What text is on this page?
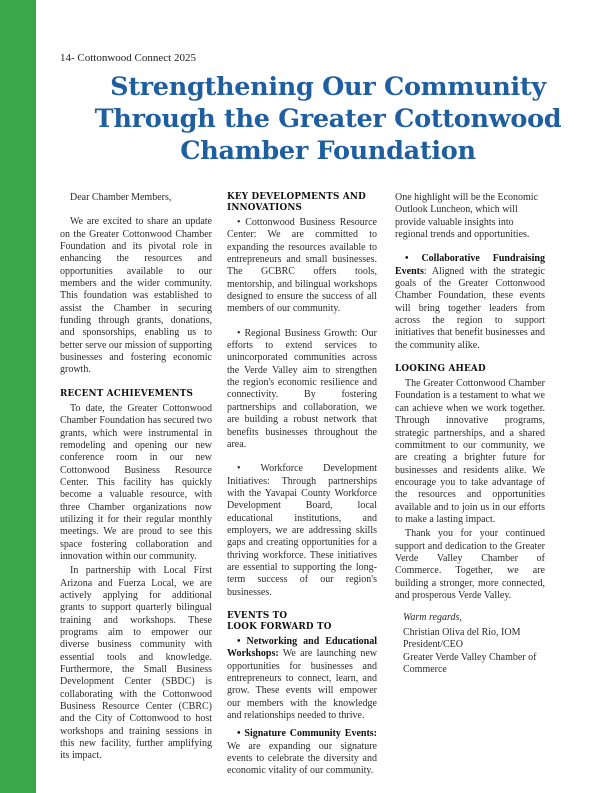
14- Cottonwood Connect 2025
Strengthening Our Community
Through the Greater Cottonwood
Chamber Foundation

Dear Chamber Members,

We are excited to share an update on the Greater Cottonwood Chamber Foundation and its pivotal role in enhancing the resources and opportunities available to our members and the wider community. This foundation was established to assist the Chamber in securing funding through grants, donations, and sponsorships, enabling us to better serve our mission of supporting businesses and fostering economic growth.

RECENT ACHIEVEMENTS

To date, the Greater Cottonwood Chamber Foundation has secured two grants, which were instrumental in remodeling and opening our new conference room in our new Cottonwood Business Resource Center. This facility has quickly become a valuable resource, with three Chamber organizations now utilizing it for their regular monthly meetings. We are proud to see this space fostering collaboration and innovation within our community.

In partnership with Local First Arizona and Fuerza Local, we are actively applying for additional grants to support quarterly bilingual training and workshops. These programs aim to empower our diverse business community with essential tools and knowledge. Furthermore, the Small Business Development Center (SBDC) is collaborating with the Cottonwood Business Resource Center (CBRC) and the City of Cottonwood to host workshops and training sessions in this new facility, further amplifying its impact.

KEY DEVELOPMENTS AND
INNOVATIONS

• Cottonwood Business Resource Center: We are committed to expanding the resources available to entrepreneurs and small businesses. The GCBRC offers tools, mentorship, and bilingual workshops designed to ensure the success of all members of our community.

• Regional Business Growth: Our efforts to extend services to unincorporated communities across the Verde Valley aim to strengthen the region's economic resilience and connectivity. By fostering partnerships and collaboration, we are building a robust network that benefits businesses throughout the area.

• Workforce Development Initiatives: Through partnerships with the Yavapai County Workforce Development Board, local educational institutions, and employers, we are addressing skills gaps and creating opportunities for a thriving workforce. These initiatives are essential to supporting the long-term success of our region's businesses.

EVENTS TO
LOOK FORWARD TO

• Networking and Educational Workshops: We are launching new opportunities for businesses and entrepreneurs to connect, learn, and grow. These events will empower our members with the knowledge and relationships needed to thrive.

• Signature Community Events: We are expanding our signature events to celebrate the diversity and economic vitality of our community.

One highlight will be the Economic Outlook Luncheon, which will provide valuable insights into regional trends and opportunities.

• Collaborative Fundraising Events: Aligned with the strategic goals of the Greater Cottonwood Chamber Foundation, these events will bring together leaders from across the region to support initiatives that benefit businesses and the community alike.

LOOKING AHEAD

The Greater Cottonwood Chamber Foundation is a testament to what we can achieve when we work together. Through innovative programs, strategic partnerships, and a shared commitment to our community, we are creating a brighter future for businesses and residents alike. We encourage you to take advantage of the resources and opportunities available and to join us in our efforts to make a lasting impact.

Thank you for your continued support and dedication to the Greater Verde Valley Chamber of Commerce. Together, we are building a stronger, more connected, and prosperous Verde Valley.

Warm regards,
Christian Oliva del Rio, IOM
President/CEO
Greater Verde Valley Chamber of Commerce
